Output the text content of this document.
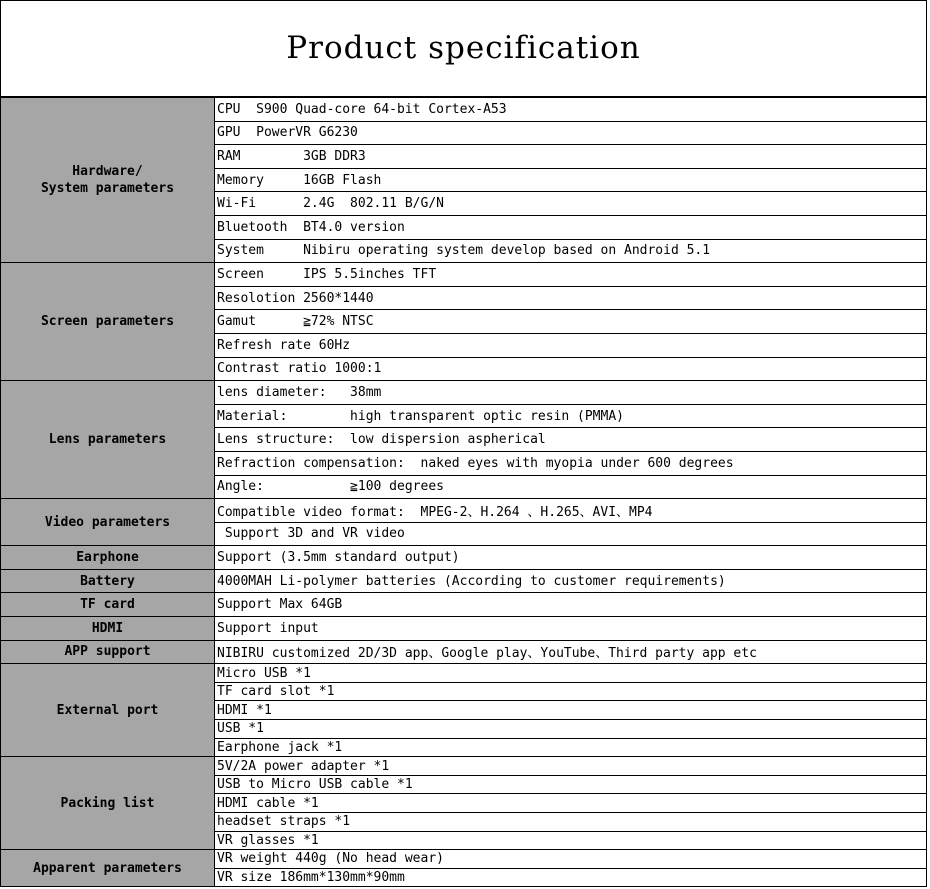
Product specification
Hardware/
System parameters	CPU  S900 Quad-core 64-bit Cortex-A53
	GPU  PowerVR G6230
	RAM        3GB DDR3
	Memory     16GB Flash
	Wi-Fi      2.4G  802.11 B/G/N
	Bluetooth  BT4.0 version
	System     Nibiru operating system develop based on Android 5.1
Screen parameters	Screen     IPS 5.5inches TFT
	Resolotion 2560*1440
	Gamut      ≧72% NTSC
	Refresh rate 60Hz
	Contrast ratio 1000:1
Lens parameters	lens diameter:   38mm
	Material:        high transparent optic resin (PMMA)
	Lens structure:  low dispersion aspherical
	Refraction compensation:  naked eyes with myopia under 600 degrees
	Angle:           ≧100 degrees
Video parameters	Compatible video format:  MPEG-2、H.264 、H.265、AVI、MP4
	Support 3D and VR video
Earphone	Support (3.5mm standard output)
Battery	4000MAH Li-polymer batteries (According to customer requirements)
TF card	Support Max 64GB
HDMI	Support input
APP support	NIBIRU customized 2D/3D app、Google play、YouTube、Third party app etc
External port	Micro USB *1
	TF card slot *1
	HDMI *1
	USB *1
	Earphone jack *1
Packing list	5V/2A power adapter *1
	USB to Micro USB cable *1
	HDMI cable *1
	headset straps *1
	VR glasses *1
Apparent parameters	VR weight 440g (No head wear)
	VR size 186mm*130mm*90mm
